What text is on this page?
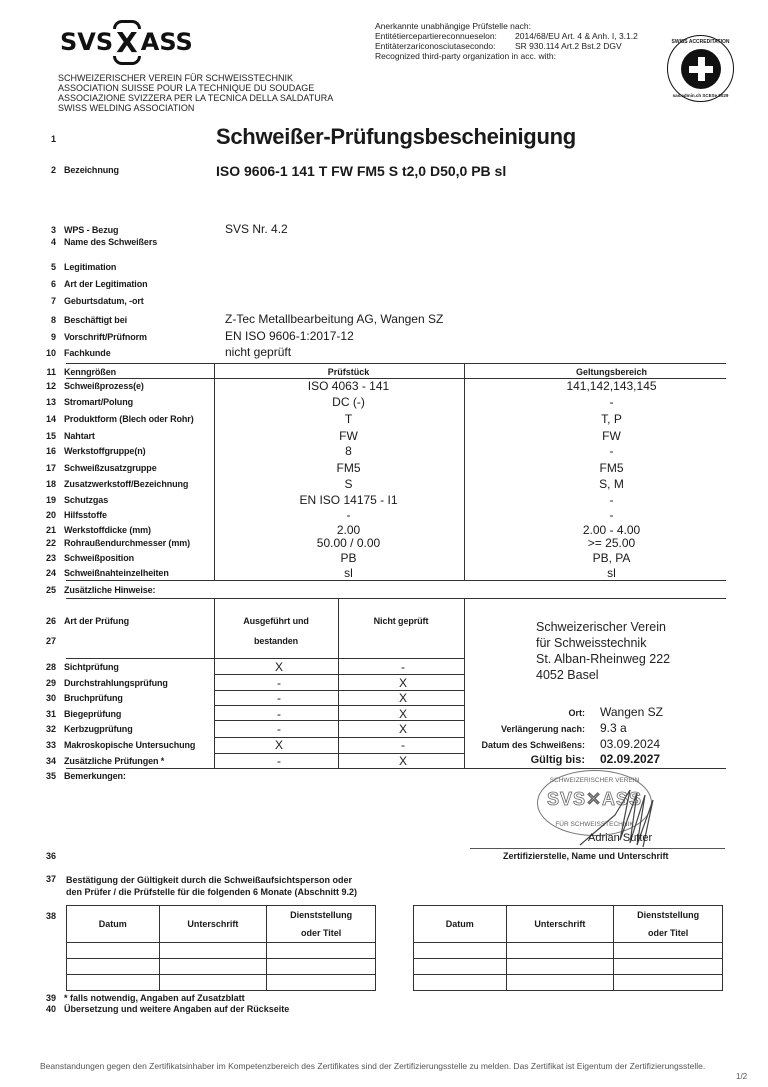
SVS X ASS
SCHWEIZERISCHER VEREIN FÜR SCHWEISSTECHNIK
ASSOCIATION SUISSE POUR LA TECHNIQUE DU SOUDAGE
ASSOCIAZIONE SVIZZERA PER LA TECNICA DELLA SALDATURA
SWISS WELDING ASSOCIATION
Anerkannte unabhängige Prüfstelle nach:
Entitétiercepartiereconnueselon:	2014/68/EU Art. 4 & Anh. I, 3.1.2
Entitàterzariconosciutasecondo:	SR 930.114 Art.2 Bst.2 DGV
Recognized third-party organization in acc. with:
SWISS ACCREDITATION
sas.admin.ch SCESe 0029
1	Schweißer-Prüfungsbescheinigung
2 Bezeichnung	ISO 9606-1 141 T FW FM5 S t2,0 D50,0 PB sl
3 WPS - Bezug	SVS Nr. 4.2
4 Name des Schweißers
5 Legitimation
6 Art der Legitimation
7 Geburtsdatum, -ort
8 Beschäftigt bei	Z-Tec Metallbearbeitung AG, Wangen SZ
9 Vorschrift/Prüfnorm	EN ISO 9606-1:2017-12
10 Fachkunde	nicht geprüft
11 Kenngrößen	Prüfstück	Geltungsbereich
12 Schweißprozess(e)	ISO 4063 - 141	141,142,143,145
13 Stromart/Polung	DC (-)	-
14 Produktform (Blech oder Rohr)	T	T, P
15 Nahtart	FW	FW
16 Werkstoffgruppe(n)	8	-
17 Schweißzusatzgruppe	FM5	FM5
18 Zusatzwerkstoff/Bezeichnung	S	S, M
19 Schutzgas	EN ISO 14175 - I1	-
20 Hilfsstoffe	-	-
21 Werkstoffdicke (mm)	2.00	2.00 - 4.00
22 Rohraußendurchmesser (mm)	50.00 / 0.00	>= 25.00
23 Schweißposition	PB	PB, PA
24 Schweißnahteinzelheiten	sl	sl
25 Zusätzliche Hinweise:
26 Art der Prüfung
27
Ausgeführt und
bestanden
Nicht geprüft
28 Sichtprüfung	X	-
29 Durchstrahlungsprüfung	-	X
30 Bruchprüfung	-	X
31 Biegeprüfung	-	X
32 Kerbzugprüfung	-	X
33 Makroskopische Untersuchung	X	-
34 Zusätzliche Prüfungen *	-	X
35 Bemerkungen:
Schweizerischer Verein
für Schweisstechnik
St. Alban-Rheinweg 222
4052 Basel
Ort: Wangen SZ
Verlängerung nach: 9.3 a
Datum des Schweißens: 03.09.2024
Gültig bis: 02.09.2027
SCHWEIZERISCHER VEREIN
SVS✕ASS
FÜR SCHWEISSTECHNIK
Adrian Sutter
Zertifizierstelle, Name und Unterschrift
36
37 Bestätigung der Gültigkeit durch die Schweißaufsichtsperson oder
den Prüfer / die Prüfstelle für die folgenden 6 Monate (Abschnitt 9.2)
38
Datum	Unterschrift	Dienststellung
oder Titel

Datum	Unterschrift	Dienststellung
oder Titel

39 * falls notwendig, Angaben auf Zusatzblatt
40 Übersetzung und weitere Angaben auf der Rückseite
Beanstandungen gegen den Zertifikatsinhaber im Kompetenzbereich des Zertifikates sind der Zertifizierungsstelle zu melden. Das Zertifikat ist Eigentum der Zertifizierungsstelle.
1/2
